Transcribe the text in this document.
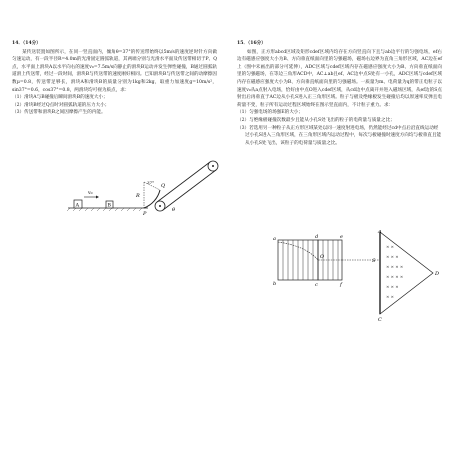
14．（14分）

某传送装置如图所示，在同一竖直面内，倾角θ=37°的传送带始终以5m/s的速度逆时针方向做匀速运动，有一段半径R=4.0m的光滑固定圆弧轨道，其两端分别与光滑水平面及传送带相切于P、Q点，水平面上滑块A以水平向右的速度v₀=7.5m/s向静止的滑块B运动并发生弹性碰撞，B通过圆弧轨道滑上传送带，经过一段时间，滑块B与传送带的速度刚好相同。已知滑块B与传送带之间的动摩擦因数μ=0.8，传送带足够长，滑块A和滑块B的质量分别为1kg和2kg，取重力加速度g=10m/s²，sin37°=0.6，cos37°=0.8，两滑块均可视为质点，求：

（1）滑块A与B碰撞后瞬间滑块B的速度大小；

（2）滑块B经过Q点时对圆弧轨道的压力大小；

（3）传送带和滑块B之间因摩擦产生的内能。

A
v₀
B
R
37°
Q
P
θ
15．（16分）

如图，正方形abcd区域及矩形cdef区域内均存在方向竖直向下且与ab边平行的匀强电场，ef右边有磁感应强度大小为B、方向垂直纸面向里的匀强磁场，磁场右边界为直角三角形区域，AC边在ef上（图中未画出的部分可延伸），ADC区域与cdef区域内存在磁感应强度大小为B、方向垂直纸面向里的匀强磁场，在等边三角形ACD中，AC⊥ab且ef、AC边中点S处有一小孔，ADC区域与cdef区域内存在磁感应强度大小为B、方向垂直纸面向里的匀强磁场。一质量为m、电荷量为q的带正电粒子以速度v₀从a点射入电场，恰好由中点O进入cdef区域，从cd边中点离开并进入磁场区域，从ef边的S点射出后再垂直于AC边从小孔S进入正三角形区域。粒子与板及绝缘板发生碰撞后均以原速率反弹且电荷量不变，粒子所有运动过程区域始终在图示竖直面内，不计粒子重力。求：

（1）匀强电场的场强E的大小；

（2）与绝缘板碰撞次数最少且能从小孔S处飞出的粒子的电荷量与质量之比；

（3）若选用另一种粒子从正方形区域某处以同一速度射进电场，仍然能经过cd中点后沿直线运动经过小孔S进入三角形区域，在三角形区域内运动过程中，每次与板碰撞时速度方向均与板垂直且能从小孔S处飞出，该粒子的电荷量与质量之比。

a
b	c
d	e
f
O
× ×
× × ×
× × × ×
× × × ×
× × ×
× ×
S
A
C
D
